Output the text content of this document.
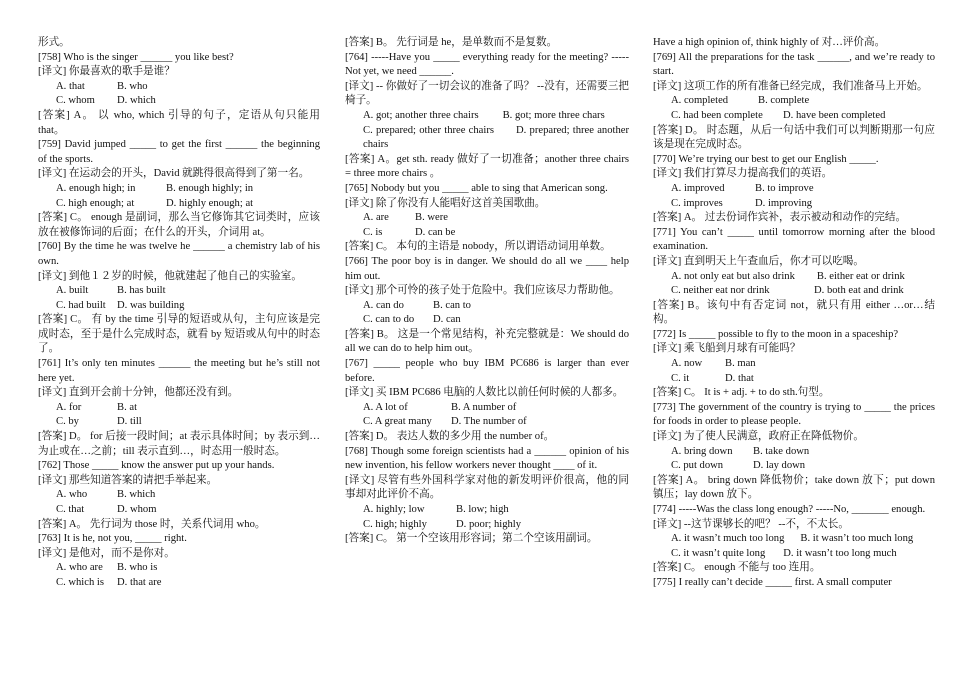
形式。

[758] Who is the singer ______ you like best?

[译文] 你最喜欢的歌手是谁？

A. that	B. who
C. whom	D. which

[答案] A。 以 who, which 引导的句子，定语从句只能用 that。

[759] David jumped _____ to get the first ______ the beginning of the sports.

[译文] 在运动会的开头，David 就跳得很高得到了第一名。

A. enough high; in	B. enough highly; in
C. high enough; at	D. highly enough; at

[答案] C。 enough 是副词，那么当它修饰其它词类时，应该放在被修饰词的后面；在什么的开头，介词用 at。

[760] By the time he was twelve he ______ a chemistry lab of his own.

[译文] 到他１２岁的时候，他就建起了他自己的实验室。

A. built	B. has built
C. had built	D. was building

[答案] C。 有 by the time 引导的短语或从句，主句应该是完成时态，至于是什么完成时态，就看 by 短语或从句中的时态了。

[761] It’s only ten minutes ______ the meeting but he’s still not here yet.

[译文] 直到开会前十分钟，他都还没有到。

A. for	B. at
C. by	D. till

[答案] D。 for 后接一段时间；at 表示具体时间；by 表示到…为止或在…之前；till 表示直到…，时态用一般时态。

[762] Those _____ know the answer put up your hands.

[译文] 那些知道答案的请把手举起来。

A. who	B. which
C. that	D. whom

[答案] A。 先行词为 those 时，关系代词用 who。

[763] It is he, not you, _____ right.

[译文] 是他对，而不是你对。

A. who are	B. who is
C. which is	D. that are

[答案] B。 先行词是 he，是单数而不是复数。

[764] -----Have you _____ everything ready for the meeting? ----- Not yet, we need ______.

[译文] -- 你做好了一切会议的准备了吗？ --没有，还需要三把椅子。

A. got; another three chairs B. got; more three chars

C. prepared; other three chairs D. prepared; three another chairs

[答案] A。get sth. ready 做好了一切准备；another three chairs = three more chairs 。

[765] Nobody but you _____ able to sing that American song.

[译文] 除了你没有人能唱好这首美国歌曲。

A. are	B. were
C. is	D. can be

[答案] C。 本句的主语是 nobody，所以谓语动词用单数。

[766] The poor boy is in danger. We should do all we ____ help him out.

[译文] 那个可怜的孩子处于危险中。我们应该尽力帮助他。

A. can do	B. can to
C. can to do	D. can

[答案] B。 这是一个常见结构，补充完整就是：We should do all we can do to help him out。

[767] _____ people who buy IBM PC686 is larger than ever before.

[译文] 买 IBM PC686 电脑的人数比以前任何时候的人都多。

A. A lot of	B. A number of
C. A great many	D. The number of

[答案] D。 表达人数的多少用 the number of。

[768] Though some foreign scientists had a ______ opinion of his new invention, his fellow workers never thought ____ of it.

[译文] 尽管有些外国科学家对他的新发明评价很高，他的同事却对此评价不高。

A. highly; low	B. low; high
C. high; highly	D. poor; highly

[答案] C。 第一个空该用形容词；第二个空该用副词。

Have a high opinion of, think highly of 对…评价高。

[769] All the preparations for the task ______, and we’re ready to start.

[译文] 这项工作的所有准备已经完成，我们准备马上开始。

A. completed	B. complete
C. had been complete	D. have been completed

[答案] D。 时态题，从后一句话中我们可以判断期那一句应该是现在完成时态。

[770] We’re trying our best to get our English _____.

[译文] 我们打算尽力提高我们的英语。

A. improved	B. to improve
C. improves	D. improving

[答案] A。 过去份词作宾补，表示被动和动作的完结。

[771] You can’t _____ until tomorrow morning after the blood examination.

[译文] 直到明天上午查血后，你才可以吃喝。

A. not only eat but also drink B. either eat or drink

C. neither eat nor drink	D. both eat and drink

[答案] B。该句中有否定词 not，就只有用 either …or…结构。

[772] Is _____ possible to fly to the moon in a spaceship?

[译文] 乘飞船到月球有可能吗？

A. now	B. man
C. it	D. that

[答案] C。 It is + adj. + to do sth.句型。

[773] The government of the country is trying to _____ the prices for foods in order to please people.

[译文] 为了使人民满意，政府正在降低物价。

A. bring down	B. take down
C. put down	D. lay down

[答案] A。 bring down 降低物价；take down 放下；put down 镇压；lay down 放下。

[774] -----Was the class long enough? -----No, _______ enough.

[译文] --这节课够长的吧？ --不，不太长。

A. it wasn’t much too long B. it wasn’t too much long

C. it wasn’t quite long D. it wasn’t too long much

[答案] C。 enough 不能与 too 连用。

[775] I really can’t decide _____ first. A small computer
